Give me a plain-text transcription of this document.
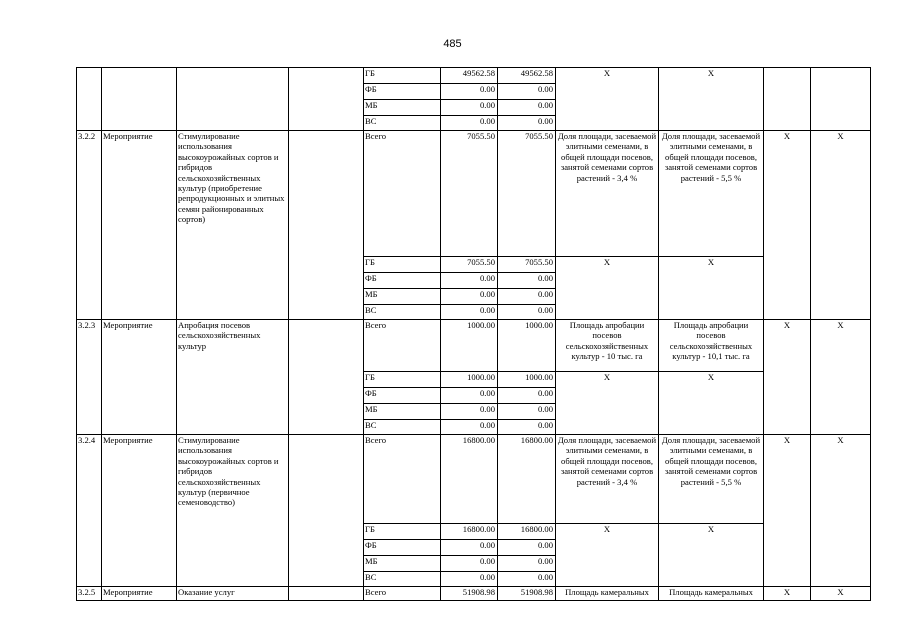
485
				ГБ	49562.58	49562.58	Х	Х		
				ФБ	0.00	0.00				
				МБ	0.00	0.00				
				ВС	0.00	0.00				
3.2.2	Мероприятие	Стимулирование использования высокоурожайных сортов и гибридов сельскохозяйственных культур (приобретение репродукционных и элитных семян районированных сортов)		Всего	7055.50	7055.50	Доля площади, засеваемой элитными семенами, в общей площади посевов, занятой семенами сортов растений - 3,4 %	Доля площади, засеваемой элитными семенами, в общей площади посевов, занятой семенами сортов растений - 5,5 %	Х	Х
				ГБ	7055.50	7055.50	Х	Х		
				ФБ	0.00	0.00				
				МБ	0.00	0.00				
				ВС	0.00	0.00				
3.2.3	Мероприятие	Апробация посевов сельскохозяйственных культур		Всего	1000.00	1000.00	Площадь апробации посевов сельскохозяйственных культур - 10 тыс. га	Площадь апробации посевов сельскохозяйственных культур - 10,1 тыс. га	Х	Х
				ГБ	1000.00	1000.00	Х	Х		
				ФБ	0.00	0.00				
				МБ	0.00	0.00				
				ВС	0.00	0.00				
3.2.4	Мероприятие	Стимулирование использования высокоурожайных сортов и гибридов сельскохозяйственных культур (первичное семеноводство)		Всего	16800.00	16800.00	Доля площади, засеваемой элитными семенами, в общей площади посевов, занятой семенами сортов растений - 3,4 %	Доля площади, засеваемой элитными семенами, в общей площади посевов, занятой семенами сортов растений - 5,5 %	Х	Х
				ГБ	16800.00	16800.00	Х	Х		
				ФБ	0.00	0.00				
				МБ	0.00	0.00				
				ВС	0.00	0.00				
3.2.5	Мероприятие	Оказание услуг		Всего	51908.98	51908.98	Площадь камеральных	Площадь камеральных	Х	Х
